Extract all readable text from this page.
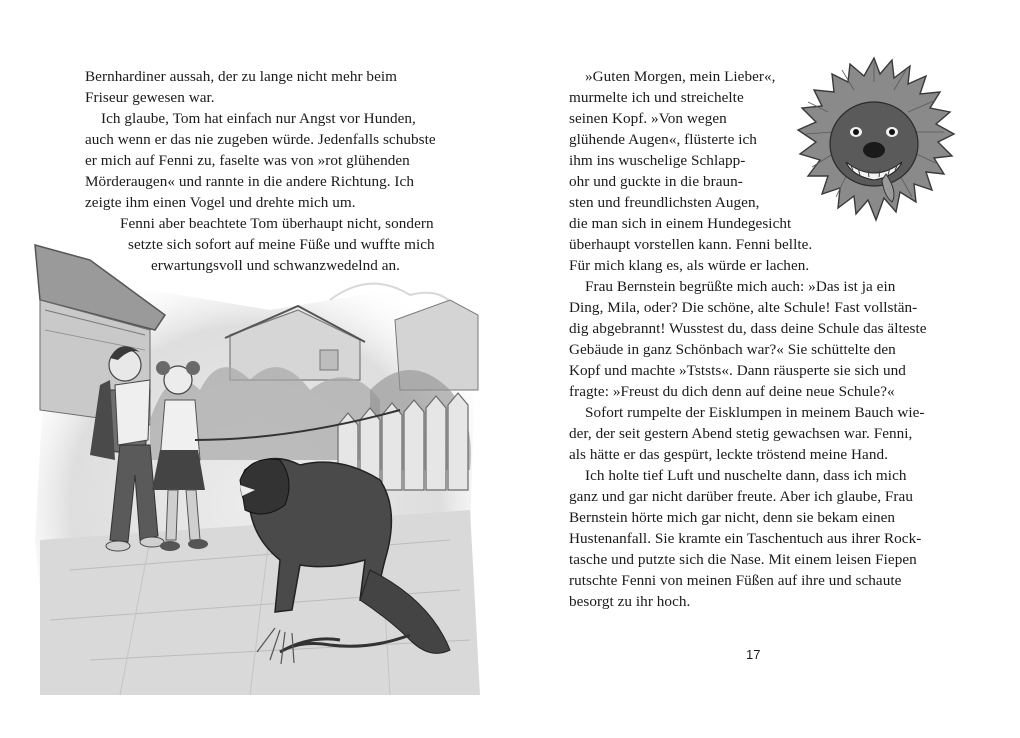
Bernhardiner aussah, der zu lange nicht mehr beim
Friseur gewesen war.
Ich glaube, Tom hat einfach nur Angst vor Hunden,
auch wenn er das nie zugeben würde. Jedenfalls schubste
er mich auf Fenni zu, faselte was von »rot glühenden
Mörderaugen« und rannte in die andere Richtung. Ich
zeigte ihm einen Vogel und drehte mich um.
Fenni aber beachtete Tom überhaupt nicht, sondern
setzte sich sofort auf meine Füße und wuffte mich
erwartungsvoll und schwanzwedelnd an.
»Guten Morgen, mein Lieber«,
murmelte ich und streichelte
seinen Kopf. »Von wegen
glühende Augen«, flüsterte ich
ihm ins wuschelige Schlapp-
ohr und guckte in die braun-
sten und freundlichsten Augen,
die man sich in einem Hundegesicht
überhaupt vorstellen kann. Fenni bellte.
Für mich klang es, als würde er lachen.
Frau Bernstein begrüßte mich auch: »Das ist ja ein
Ding, Mila, oder? Die schöne, alte Schule! Fast vollstän-
dig abgebrannt! Wusstest du, dass deine Schule das älteste
Gebäude in ganz Schönbach war?« Sie schüttelte den
Kopf und machte »Tststs«. Dann räusperte sie sich und
fragte: »Freust du dich denn auf deine neue Schule?«
Sofort rumpelte der Eisklumpen in meinem Bauch wie-
der, der seit gestern Abend stetig gewachsen war. Fenni,
als hätte er das gespürt, leckte tröstend meine Hand.
Ich holte tief Luft und nuschelte dann, dass ich mich
ganz und gar nicht darüber freute. Aber ich glaube, Frau
Bernstein hörte mich gar nicht, denn sie bekam einen
Hustenanfall. Sie kramte ein Taschentuch aus ihrer Rock-
tasche und putzte sich die Nase. Mit einem leisen Fiepen
rutschte Fenni von meinen Füßen auf ihre und schaute
besorgt zu ihr hoch.
17
